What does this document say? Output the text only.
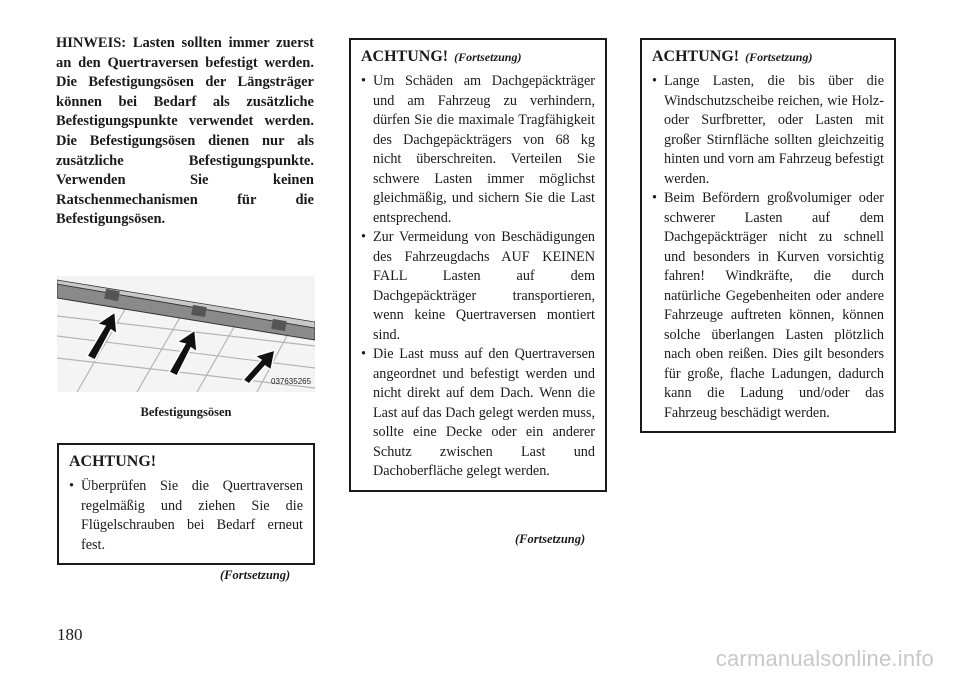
HINWEIS: Lasten sollten immer zuerst an den Quertraversen befestigt werden. Die Befestigungsösen der Längsträger können bei Bedarf als zusätzliche Befestigungspunkte verwendet werden. Die Befestigungsösen dienen nur als zusätzliche Befestigungspunkte. Verwenden Sie keinen Ratschenmechanismen für die Befestigungsösen.

037635265
Befestigungsösen
ACHTUNG!
• Überprüfen Sie die Quertraversen regelmäßig und ziehen Sie die Flügelschrauben bei Bedarf erneut fest.
(Fortsetzung)
ACHTUNG! (Fortsetzung)
• Um Schäden am Dachgepäckträger und am Fahrzeug zu verhindern, dürfen Sie die maximale Tragfähigkeit des Dachgepäckträgers von 68 kg nicht überschreiten. Verteilen Sie schwere Lasten immer möglichst gleichmäßig, und sichern Sie die Last entsprechend.
• Zur Vermeidung von Beschädigungen des Fahrzeugdachs AUF KEINEN FALL Lasten auf dem Dachgepäckträger transportieren, wenn keine Quertraversen montiert sind.
• Die Last muss auf den Quertraversen angeordnet und befestigt werden und nicht direkt auf dem Dach. Wenn die Last auf das Dach gelegt werden muss, sollte eine Decke oder ein anderer Schutz zwischen Last und Dachoberfläche gelegt werden.
(Fortsetzung)
ACHTUNG! (Fortsetzung)
• Lange Lasten, die bis über die Windschutzscheibe reichen, wie Holz- oder Surfbretter, oder Lasten mit großer Stirnfläche sollten gleichzeitig hinten und vorn am Fahrzeug befestigt werden.
• Beim Befördern großvolumiger oder schwerer Lasten auf dem Dachgepäckträger nicht zu schnell und besonders in Kurven vorsichtig fahren! Windkräfte, die durch natürliche Gegebenheiten oder andere Fahrzeuge auftreten können, können solche überlangen Lasten plötzlich nach oben reißen. Dies gilt besonders für große, flache Ladungen, dadurch kann die Ladung und/oder das Fahrzeug beschädigt werden.
180
carmanualsonline.info
